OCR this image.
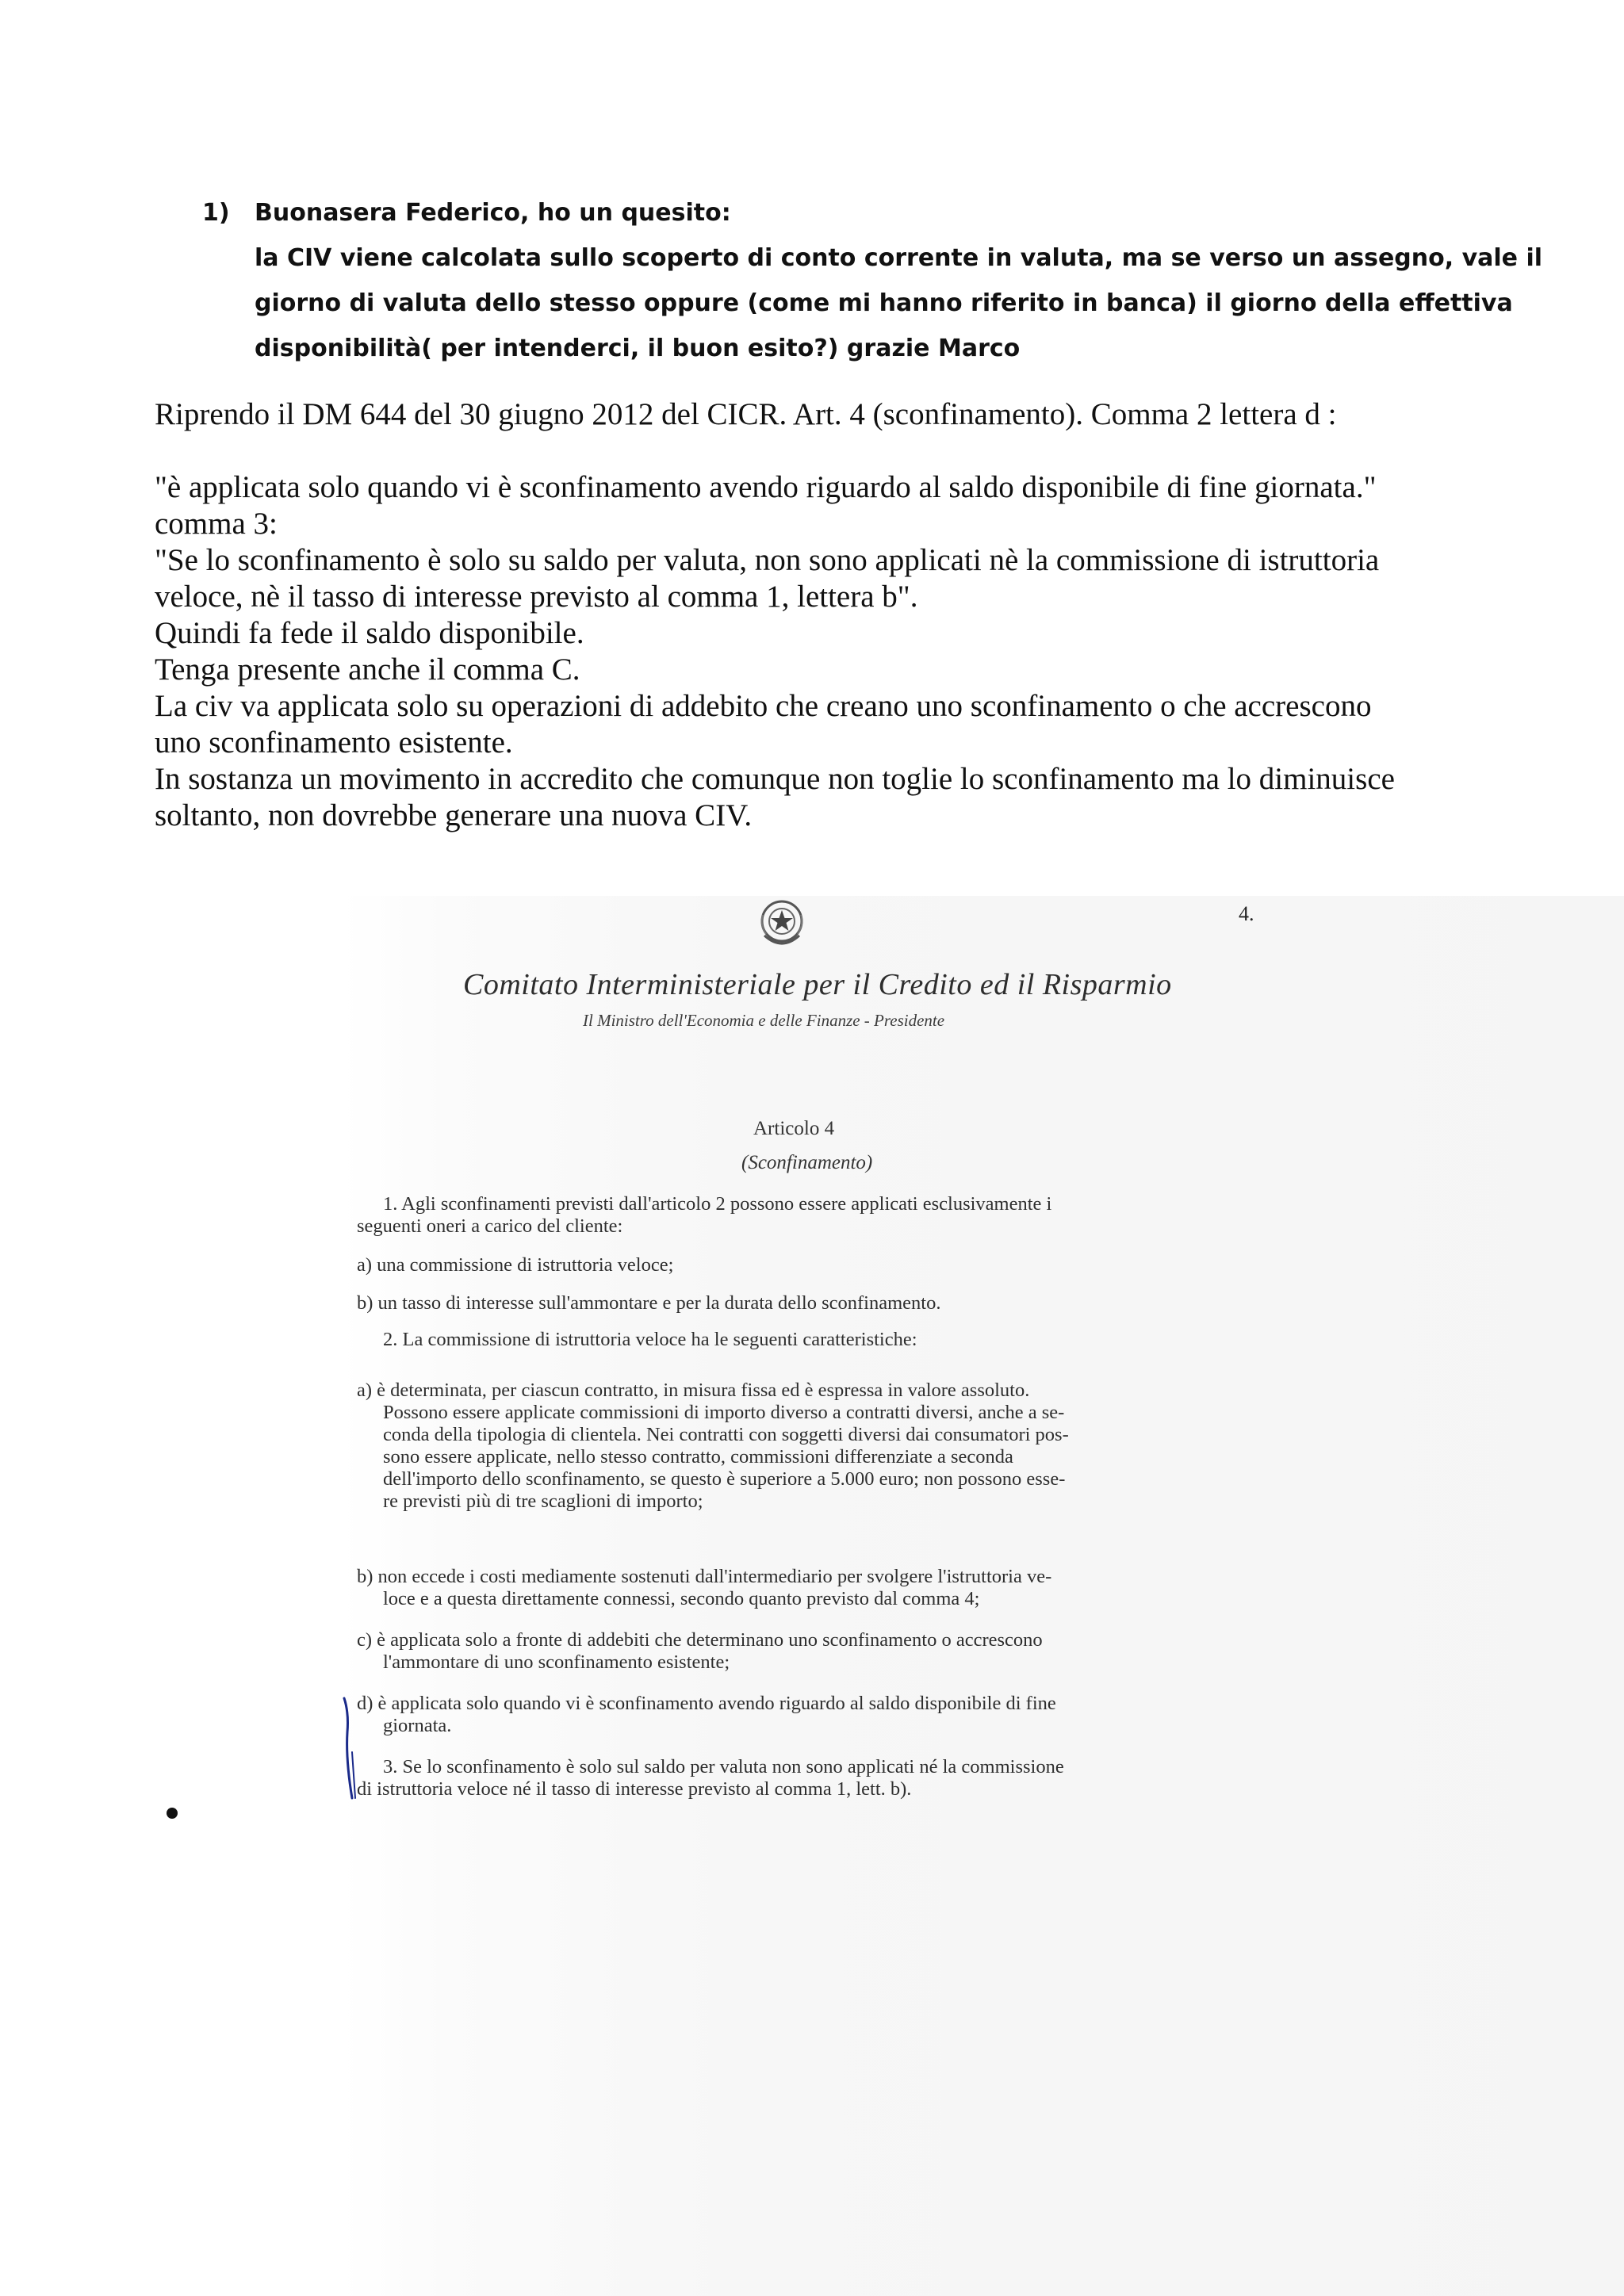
1) Buonasera Federico, ho un quesito:
la CIV viene calcolata sullo scoperto di conto corrente in valuta, ma se verso un assegno, vale il
giorno di valuta dello stesso oppure (come mi hanno riferito in banca) il giorno della effettiva
disponibilità( per intenderci, il buon esito?) grazie Marco
Riprendo il DM 644 del 30 giugno 2012 del CICR. Art. 4 (sconfinamento). Comma 2 lettera d :
"è applicata solo quando vi è sconfinamento avendo riguardo al saldo disponibile di fine giornata."
comma 3:
"Se lo sconfinamento è solo su saldo per valuta, non sono applicati nè la commissione di istruttoria
veloce, nè il tasso di interesse previsto al comma 1, lettera b".
Quindi fa fede il saldo disponibile.
Tenga presente anche il comma C.
La civ va applicata solo su operazioni di addebito che creano uno sconfinamento o che accrescono
uno sconfinamento esistente.
In sostanza un movimento in accredito che comunque non toglie lo sconfinamento ma lo diminuisce
soltanto, non dovrebbe generare una nuova CIV.
4.
Comitato Interministeriale per il Credito ed il Risparmio
Il Ministro dell'Economia e delle Finanze - Presidente
Articolo 4
(Sconfinamento)
1. Agli sconfinamenti previsti dall'articolo 2 possono essere applicati esclusivamente i
seguenti oneri a carico del cliente:
a) una commissione di istruttoria veloce;
b) un tasso di interesse sull'ammontare e per la durata dello sconfinamento.
2. La commissione di istruttoria veloce ha le seguenti caratteristiche:
a) è determinata, per ciascun contratto, in misura fissa ed è espressa in valore assoluto.
Possono essere applicate commissioni di importo diverso a contratti diversi, anche a se-
conda della tipologia di clientela. Nei contratti con soggetti diversi dai consumatori pos-
sono essere applicate, nello stesso contratto, commissioni differenziate a seconda
dell'importo dello sconfinamento, se questo è superiore a 5.000 euro; non possono esse-
re previsti più di tre scaglioni di importo;
b) non eccede i costi mediamente sostenuti dall'intermediario per svolgere l'istruttoria ve-
loce e a questa direttamente connessi, secondo quanto previsto dal comma 4;
c) è applicata solo a fronte di addebiti che determinano uno sconfinamento o accrescono
l'ammontare di uno sconfinamento esistente;
d) è applicata solo quando vi è sconfinamento avendo riguardo al saldo disponibile di fine
giornata.
3. Se lo sconfinamento è solo sul saldo per valuta non sono applicati né la commissione
di istruttoria veloce né il tasso di interesse previsto al comma 1, lett. b).
